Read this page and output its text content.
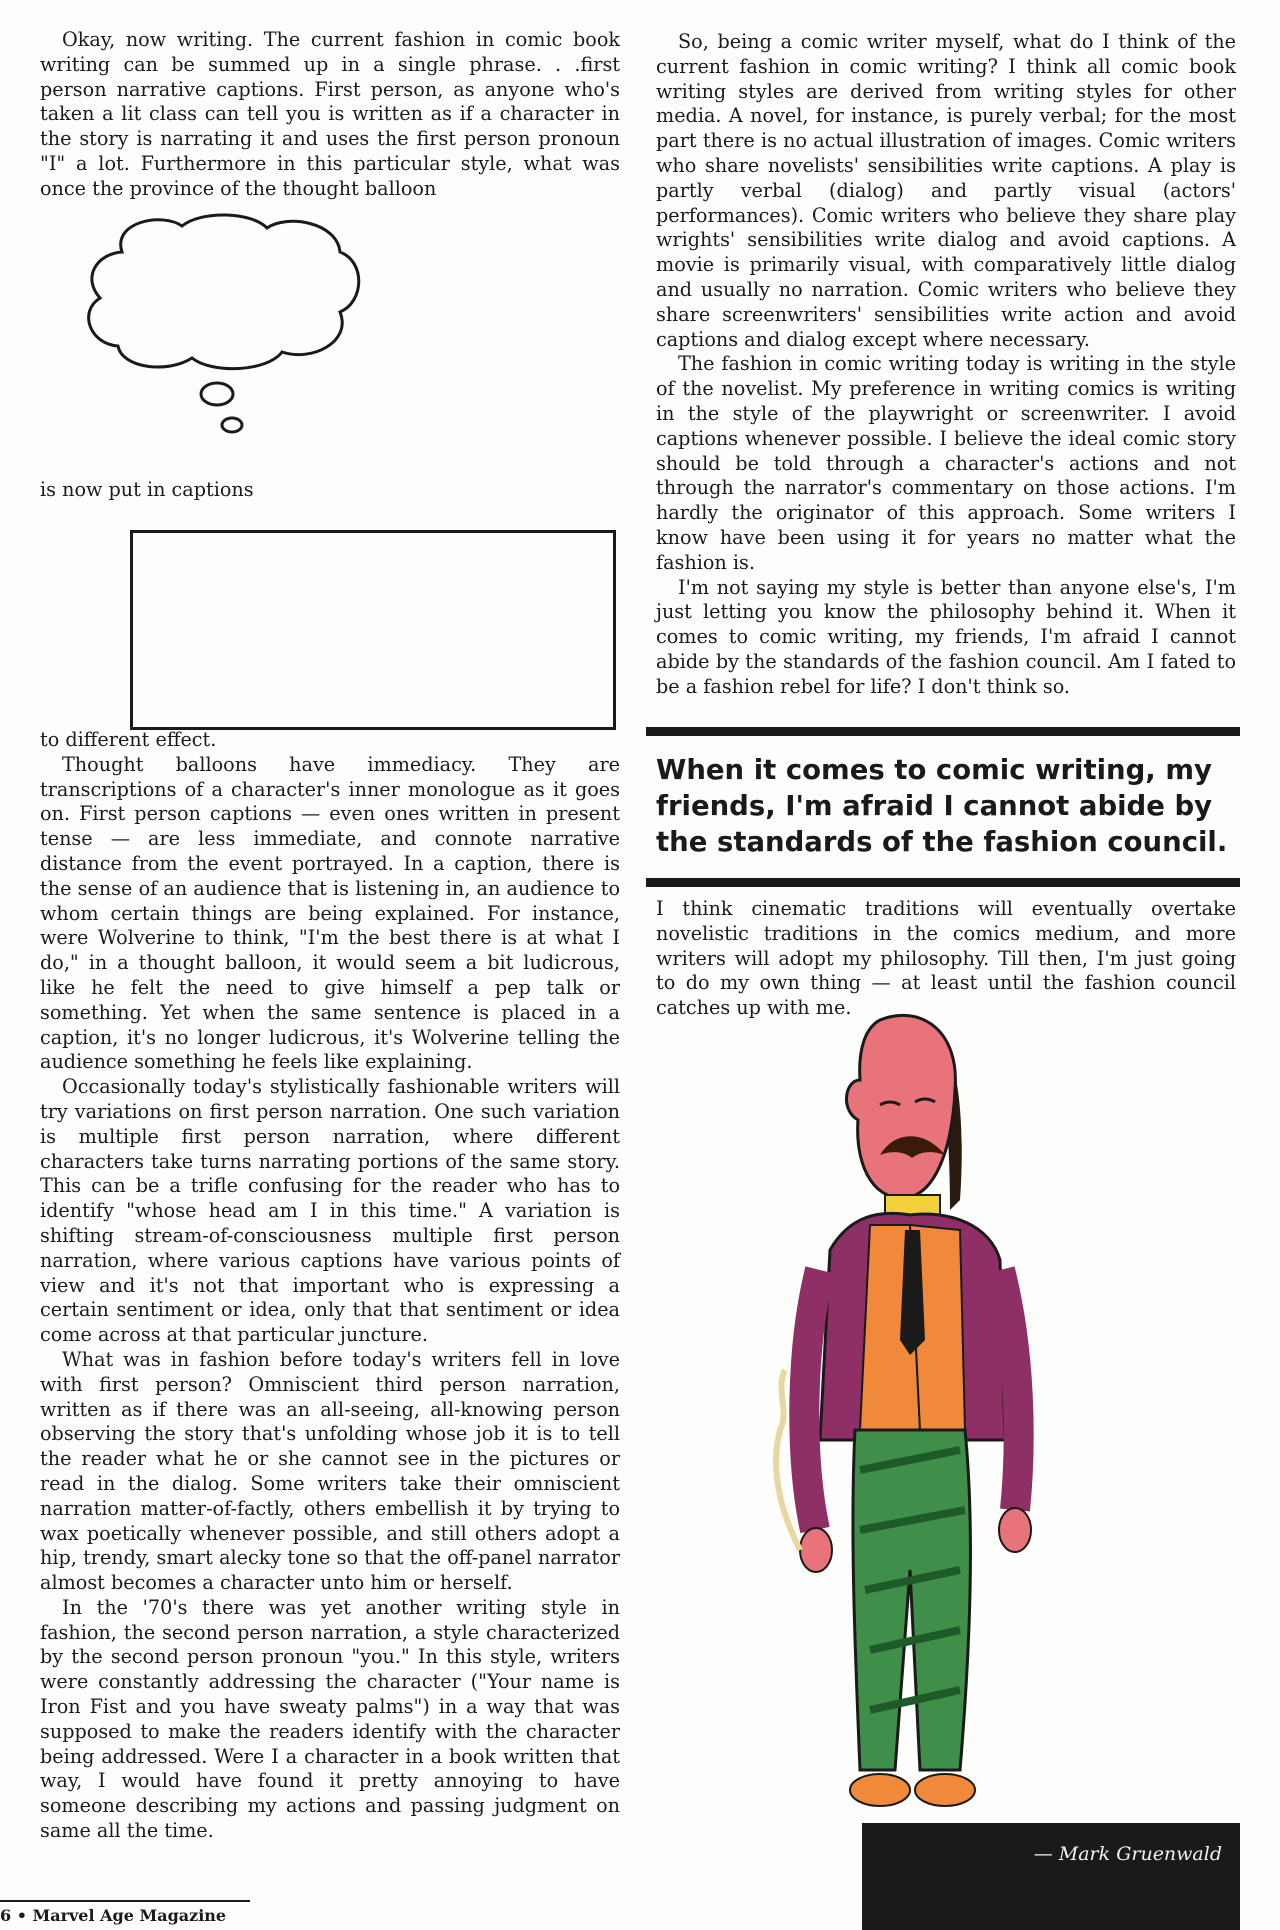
Okay, now writing. The current fashion in comic book writing can be summed up in a single phrase. . .first person narrative captions. First person, as anyone who's taken a lit class can tell you is written as if a character in the story is narrating it and uses the first person pronoun "I" a lot. Furthermore in this particular style, what was once the province of the thought balloon

is now put in captions

to different effect.

Thought balloons have immediacy. They are transcriptions of a character's inner monologue as it goes on. First person captions — even ones written in present tense — are less immediate, and connote narrative distance from the event portrayed. In a caption, there is the sense of an audience that is listening in, an audience to whom certain things are being explained. For instance, were Wolverine to think, "I'm the best there is at what I do," in a thought balloon, it would seem a bit ludicrous, like he felt the need to give himself a pep talk or something. Yet when the same sentence is placed in a caption, it's no longer ludicrous, it's Wolverine telling the audience something he feels like explaining.

Occasionally today's stylistically fashionable writers will try variations on first person narration. One such variation is multiple first person narration, where different characters take turns narrating portions of the same story. This can be a trifle confusing for the reader who has to identify "whose head am I in this time." A variation is shifting stream-of-consciousness multiple first person narration, where various captions have various points of view and it's not that important who is expressing a certain sentiment or idea, only that that sentiment or idea come across at that particular juncture.

What was in fashion before today's writers fell in love with first person? Omniscient third person narration, written as if there was an all-seeing, all-knowing person observing the story that's unfolding whose job it is to tell the reader what he or she cannot see in the pictures or read in the dialog. Some writers take their omniscient narration matter-of-factly, others embellish it by trying to wax poetically whenever possible, and still others adopt a hip, trendy, smart alecky tone so that the off-panel narrator almost becomes a character unto him or herself.

In the '70's there was yet another writing style in fashion, the second person narration, a style characterized by the second person pronoun "you." In this style, writers were constantly addressing the character ("Your name is Iron Fist and you have sweaty palms") in a way that was supposed to make the readers identify with the character being addressed. Were I a character in a book written that way, I would have found it pretty annoying to have someone describing my actions and passing judgment on same all the time.

So, being a comic writer myself, what do I think of the current fashion in comic writing? I think all comic book writing styles are derived from writing styles for other media. A novel, for instance, is purely verbal; for the most part there is no actual illustration of images. Comic writers who share novelists' sensibilities write captions. A play is partly verbal (dialog) and partly visual (actors' performances). Comic writers who believe they share play wrights' sensibilities write dialog and avoid captions. A movie is primarily visual, with comparatively little dialog and usually no narration. Comic writers who believe they share screenwriters' sensibilities write action and avoid captions and dialog except where necessary.

The fashion in comic writing today is writing in the style of the novelist. My preference in writing comics is writing in the style of the playwright or screenwriter. I avoid captions whenever possible. I believe the ideal comic story should be told through a character's actions and not through the narrator's commentary on those actions. I'm hardly the originator of this approach. Some writers I know have been using it for years no matter what the fashion is.

I'm not saying my style is better than anyone else's, I'm just letting you know the philosophy behind it. When it comes to comic writing, my friends, I'm afraid I cannot abide by the standards of the fashion council. Am I fated to be a fashion rebel for life? I don't think so.

When it comes to comic writing, my friends, I'm afraid I cannot abide by the standards of the fashion council.

I think cinematic traditions will eventually overtake novelistic traditions in the comics medium, and more writers will adopt my philosophy. Till then, I'm just going to do my own thing — at least until the fashion council catches up with me.

— Mark Gruenwald
6 • Marvel Age Magazine
